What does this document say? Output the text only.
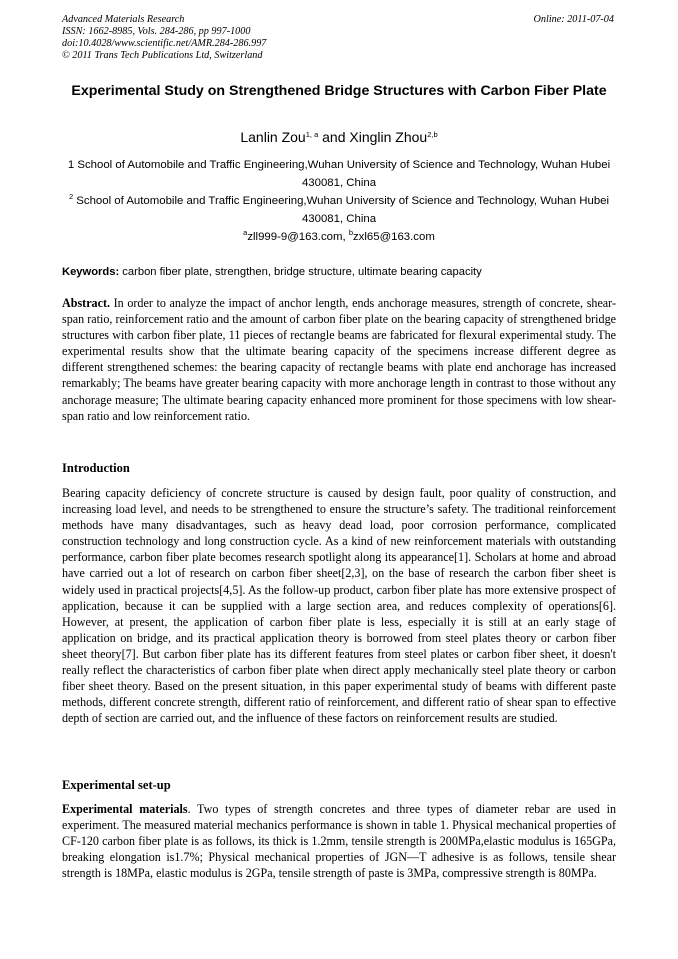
Advanced Materials Research
ISSN: 1662-8985, Vols. 284-286, pp 997-1000
doi:10.4028/www.scientific.net/AMR.284-286.997
© 2011 Trans Tech Publications Ltd, Switzerland
Online: 2011-07-04
Experimental Study on Strengthened Bridge Structures with Carbon Fiber Plate
Lanlin Zou$^{1, a}$ and Xinglin Zhou$^{2,b}$
1 School of Automobile and Traffic Engineering,Wuhan University of Science and Technology, Wuhan Hubei 430081, China
$^2$ School of Automobile and Traffic Engineering,Wuhan University of Science and Technology, Wuhan Hubei 430081, China
$^a$zll999-9@163.com, $^b$zxl65@163.com
Keywords: carbon fiber plate, strengthen, bridge structure, ultimate bearing capacity

Abstract. In order to analyze the impact of anchor length, ends anchorage measures, strength of concrete, shear-span ratio, reinforcement ratio and the amount of carbon fiber plate on the bearing capacity of strengthened bridge structures with carbon fiber plate, 11 pieces of rectangle beams are fabricated for flexural experimental study. The experimental results show that the ultimate bearing capacity of the specimens increase different degree as different strengthened schemes: the bearing capacity of rectangle beams with plate end anchorage has increased remarkably; The beams have greater bearing capacity with more anchorage length in contrast to those without any anchorage measure; The ultimate bearing capacity enhanced more prominent for those specimens with low shear-span ratio and low reinforcement ratio.

Introduction

Bearing capacity deficiency of concrete structure is caused by design fault, poor quality of construction, and increasing load level, and needs to be strengthened to ensure the structure’s safety. The traditional reinforcement methods have many disadvantages, such as heavy dead load, poor corrosion performance, complicated construction technology and long construction cycle. As a kind of new reinforcement materials with outstanding performance, carbon fiber plate becomes research spotlight along its appearance[1]. Scholars at home and abroad have carried out a lot of research on carbon fiber sheet[2,3], on the base of research the carbon fiber sheet is widely used in practical projects[4,5]. As the follow-up product, carbon fiber plate has more extensive prospect of application, because it can be supplied with a large section area, and reduces complexity of operations[6]. However, at present, the application of carbon fiber plate is less, especially it is still at an early stage of application on bridge, and its practical application theory is borrowed from steel plates theory or carbon fiber sheet theory[7]. But carbon fiber plate has its different features from steel plates or carbon fiber sheet, it doesn't really reflect the characteristics of carbon fiber plate when direct apply mechanically steel plate theory or carbon fiber sheet theory. Based on the present situation, in this paper experimental study of beams with different paste methods, different concrete strength, different ratio of reinforcement, and different ratio of shear span to effective depth of section are carried out, and the influence of these factors on reinforcement results are studied.

Experimental set-up

Experimental materials. Two types of strength concretes and three types of diameter rebar are used in experiment. The measured material mechanics performance is shown in table 1. Physical mechanical properties of CF-120 carbon fiber plate is as follows, its thick is 1.2mm, tensile strength is 200MPa,elastic modulus is 165GPa, breaking elongation is1.7%; Physical mechanical properties of JGN—T adhesive is as follows, tensile shear strength is 18MPa, elastic modulus is 2GPa, tensile strength of paste is 3MPa, compressive strength is 80MPa.
